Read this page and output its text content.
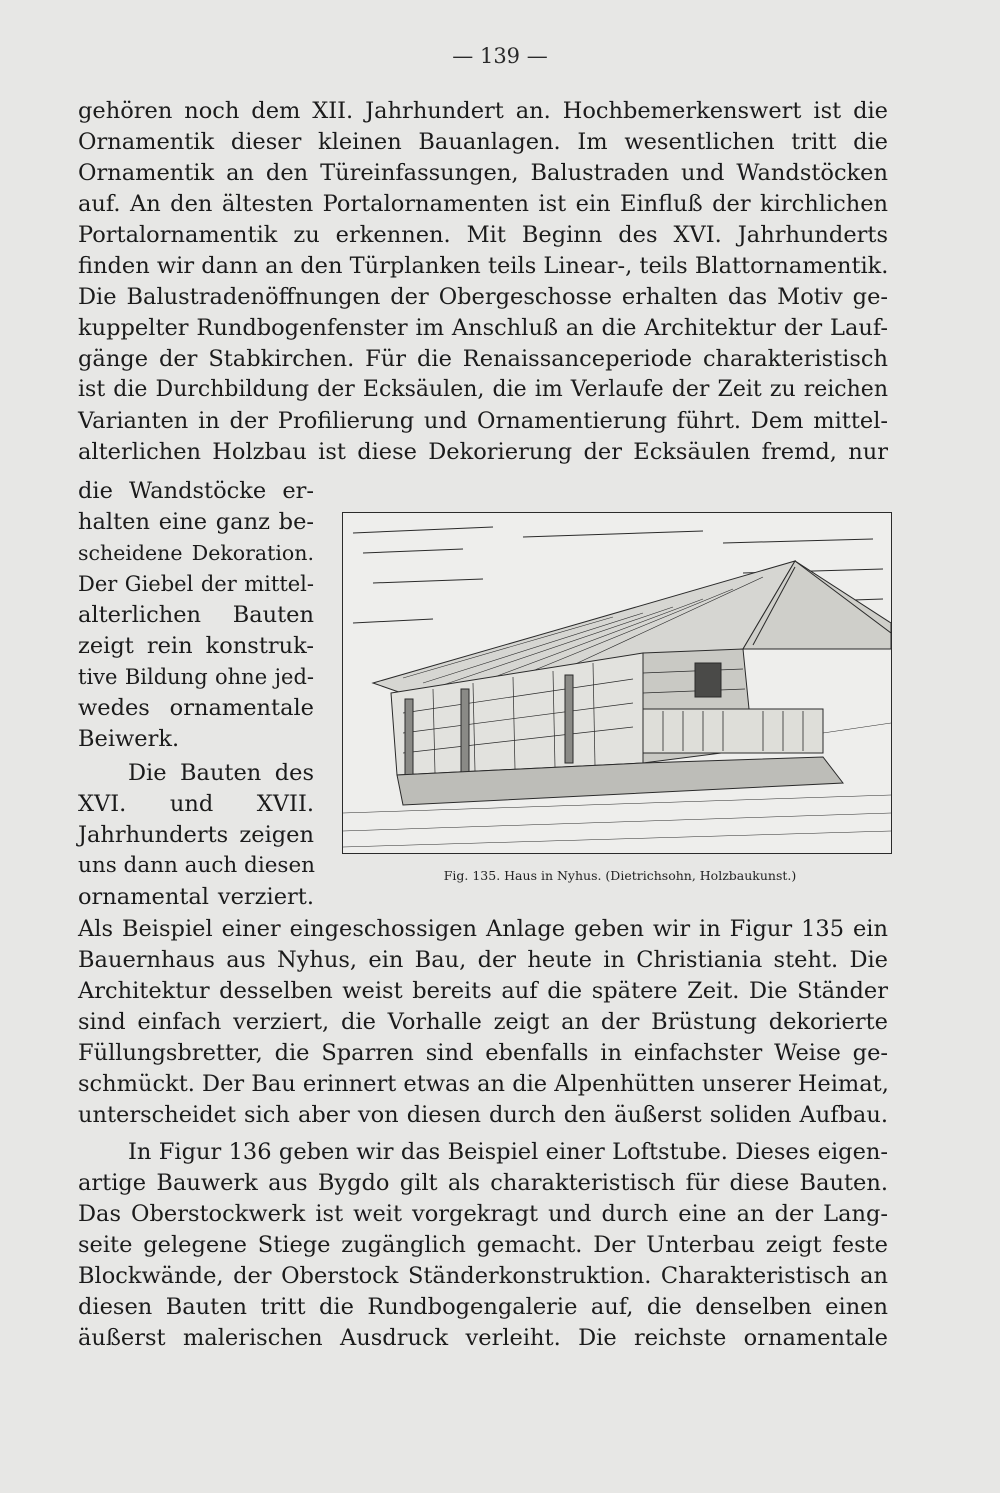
— 139 —
gehören noch dem XII. Jahrhundert an. Hochbemerkenswert ist die
Ornamentik dieser kleinen Bauanlagen. Im wesentlichen tritt die
Ornamentik an den Türeinfassungen, Balustraden und Wandstöcken
auf. An den ältesten Portalornamenten ist ein Einfluß der kirchlichen
Portalornamentik zu erkennen. Mit Beginn des XVI. Jahrhunderts
finden wir dann an den Türplanken teils Linear-, teils Blattornamentik.
Die Balustradenöffnungen der Obergeschosse erhalten das Motiv ge-
kuppelter Rundbogenfenster im Anschluß an die Architektur der Lauf-
gänge der Stabkirchen. Für die Renaissanceperiode charakteristisch
ist die Durchbildung der Ecksäulen, die im Verlaufe der Zeit zu reichen
Varianten in der Profilierung und Ornamentierung führt. Dem mittel-
alterlichen Holzbau ist diese Dekorierung der Ecksäulen fremd, nur
die Wandstöcke er-
halten eine ganz be-
scheidene Dekoration.
Der Giebel der mittel-
alterlichen Bauten
zeigt rein konstruk-
tive Bildung ohne jed-
wedes ornamentale
Beiwerk.
Die Bauten des
XVI. und XVII.
Jahrhunderts zeigen
uns dann auch diesen
ornamental verziert.
Fig. 135. Haus in Nyhus. (Dietrichsohn, Holzbaukunst.)
Als Beispiel einer eingeschossigen Anlage geben wir in Figur 135 ein
Bauernhaus aus Nyhus, ein Bau, der heute in Christiania steht. Die
Architektur desselben weist bereits auf die spätere Zeit. Die Ständer
sind einfach verziert, die Vorhalle zeigt an der Brüstung dekorierte
Füllungsbretter, die Sparren sind ebenfalls in einfachster Weise ge-
schmückt. Der Bau erinnert etwas an die Alpenhütten unserer Heimat,
unterscheidet sich aber von diesen durch den äußerst soliden Aufbau.
In Figur 136 geben wir das Beispiel einer Loftstube. Dieses eigen-
artige Bauwerk aus Bygdo gilt als charakteristisch für diese Bauten.
Das Oberstockwerk ist weit vorgekragt und durch eine an der Lang-
seite gelegene Stiege zugänglich gemacht. Der Unterbau zeigt feste
Blockwände, der Oberstock Ständerkonstruktion. Charakteristisch an
diesen Bauten tritt die Rundbogengalerie auf, die denselben einen
äußerst malerischen Ausdruck verleiht. Die reichste ornamentale
